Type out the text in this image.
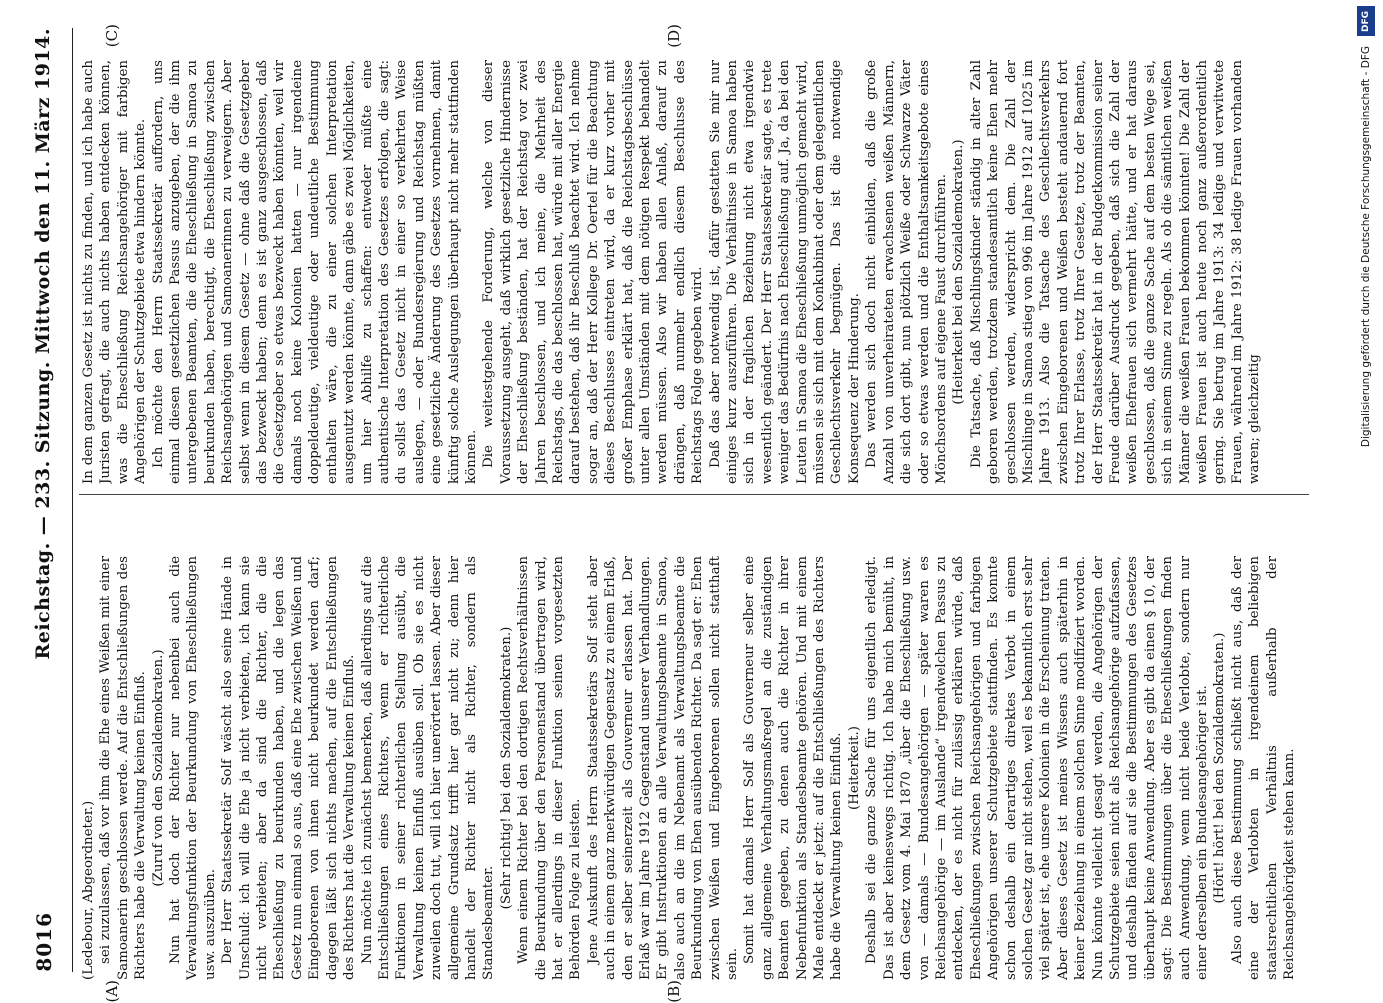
Reichstag. — 233. Sitzung. Mittwoch den 11. März 1914.
8016
(A)	(B)
(C)	(D)

(Ledebour, Abgeordneter.) sei zuzulassen, daß vor ihm die Ehe eines Weißen mit einer Samoanerin geschlossen werde. Auf die Entschließungen des Richters habe die Verwaltung keinen Einfluß. (Zuruf von den Sozialdemokraten.) Nun hat doch der Richter nur nebenbei auch die Verwaltungsfunktion der Beurkundung von Eheschließungen usw. auszuüben. Der Herr Staatssekretär Solf wäscht also seine Hände in Unschuld: ich will die Ehe ja nicht verbieten, ich kann sie nicht verbieten; aber da sind die Richter, die die Eheschließung zu beurkunden haben, und die legen das Gesetz nun einmal so aus, daß eine Ehe zwischen Weißen und Eingeborenen von ihnen nicht beurkundet werden darf; dagegen läßt sich nichts machen, auf die Entschließungen des Richters hat die Verwaltung keinen Einfluß. Nun möchte ich zunächst bemerken, daß allerdings auf die Entschließungen eines Richters, wenn er richterliche Funktionen in seiner richterlichen Stellung ausübt, die Verwaltung keinen Einfluß ausüben soll. Ob sie es nicht zuweilen doch tut, will ich hier unerörtert lassen. Aber dieser allgemeine Grundsatz trifft hier gar nicht zu; denn hier handelt der Richter nicht als Richter, sondern als Standesbeamter.

(Sehr richtig! bei den Sozialdemokraten.) Wenn einem Richter bei den dortigen Rechtsverhältnissen die Beurkundung über den Personenstand übertragen wird, hat er allerdings in dieser Funktion seinen vorgesetzten Behörden Folge zu leisten. Jene Auskunft des Herrn Staatssekretärs Solf steht aber auch in einem ganz merkwürdigen Gegensatz zu einem Erlaß, den er selber seinerzeit als Gouverneur erlassen hat. Der Erlaß war im Jahre 1912 Gegenstand unserer Verhandlungen. Er gibt Instruktionen an alle Verwaltungsbeamte in Samoa, also auch an die im Nebenamt als Verwaltungsbeamte die Beurkundung von Ehen ausübenden Richter. Da sagt er: Ehen zwischen Weißen und Eingeborenen sollen nicht statthaft sein.

Somit hat damals Herr Solf als Gouverneur selber eine ganz allgemeine Verhaltungsmaßregel an die zuständigen Beamten gegeben, zu denen auch die Richter in ihrer Nebenfunktion als Standesbeamte gehören. Und mit einem Male entdeckt er jetzt: auf die Entschließungen des Richters habe die Verwaltung keinen Einfluß. (Heiterkeit.) Deshalb sei die ganze Sache für uns eigentlich erledigt. Das ist aber keineswegs richtig. Ich habe mich bemüht, in dem Gesetz vom 4. Mai 1870 „über die Eheschließung usw. von — damals — Bundesangehörigen — später waren es Reichsangehörige — im Auslande“ irgendwelchen Passus zu entdecken, der es nicht für zulässig erklären würde, daß Eheschließungen zwischen Reichsangehörigen und farbigen Angehörigen unserer Schutzgebiete stattfinden. Es konnte schon deshalb ein derartiges direktes Verbot in einem solchen Gesetz gar nicht stehen, weil es bekanntlich erst sehr viel später ist, ehe unsere Kolonien in die Erscheinung traten. Aber dieses Gesetz ist meines Wissens auch späterhin in keiner Beziehung in einem solchen Sinne modifiziert worden. Nun könnte vielleicht gesagt werden, die Angehörigen der Schutzgebiete seien nicht als Reichsangehörige aufzufassen, und deshalb fänden auf sie die Bestimmungen des Gesetzes überhaupt keine Anwendung. Aber es gibt da einen § 10, der sagt: Die Bestimmungen über die Eheschließungen finden auch Anwendung, wenn nicht beide Verlobte, sondern nur einer derselben ein Bundesangehöriger ist. (Hört! hört! bei den Sozialdemokraten.) Also auch diese Bestimmung schließt nicht aus, daß der eine der Verlobten in irgendeinem beliebigen staatsrechtlichen Verhältnis außerhalb der Reichsangehörigkeit stehen kann.

In dem ganzen Gesetz ist nichts zu finden, und ich habe auch Juristen gefragt, die auch nichts haben entdecken können, was die Eheschließung Reichsangehöriger mit farbigen Angehörigen der Schutzgebiete etwa hindern könnte. Ich möchte den Herrn Staatssekretär auffordern, uns einmal diesen gesetzlichen Passus anzugeben, der die ihm untergebenen Beamten, die die Eheschließung in Samoa zu beurkunden haben, berechtigt, die Eheschließung zwischen Reichsangehörigen und Samoanerinnen zu verweigern. Aber selbst wenn in diesem Gesetz — ohne daß die Gesetzgeber das bezweckt haben; denn es ist ganz ausgeschlossen, daß die Gesetzgeber so etwas bezweckt haben könnten, weil wir damals noch keine Kolonien hatten — nur irgendeine doppeldeutige, vieldeutige oder undeutliche Bestimmung enthalten wäre, die zu einer solchen Interpretation ausgenutzt werden könnte, dann gäbe es zwei Möglichkeiten, um hier Abhilfe zu schaffen: entweder müßte eine authentische Interpretation des Gesetzes erfolgen, die sagt: du sollst das Gesetz nicht in einer so verkehrten Weise auslegen, — oder Bundesregierung und Reichstag müßten eine gesetzliche Änderung des Gesetzes vornehmen, damit künftig solche Auslegungen überhaupt nicht mehr stattfinden können. Die weitestgehende Forderung, welche von dieser Voraussetzung ausgeht, daß wirklich gesetzliche Hindernisse der Eheschließung beständen, hat der Reichstag vor zwei Jahren beschlossen, und ich meine, die Mehrheit des Reichstags, die das beschlossen hat, würde mit aller Energie darauf bestehen, daß ihr Beschluß beachtet wird. Ich nehme sogar an, daß der Herr Kollege Dr. Oertel für die Beachtung dieses Beschlusses eintreten wird, da er kurz vorher mit großer Emphase erklärt hat, daß die Reichstagsbeschlüsse unter allen Umständen mit dem nötigen Respekt behandelt werden müssen. Also wir haben allen Anlaß, darauf zu drängen, daß nunmehr endlich diesem Beschlusse des Reichstags Folge gegeben wird. Daß das aber notwendig ist, dafür gestatten Sie mir nur einiges kurz auszuführen. Die Verhältnisse in Samoa haben sich in der fraglichen Beziehung nicht etwa irgendwie wesentlich geändert. Der Herr Staatssekretär sagte, es trete weniger das Bedürfnis nach Eheschließung auf. Ja, da bei den Leuten in Samoa die Eheschließung unmöglich gemacht wird, müssen sie sich mit dem Konkubinat oder dem gelegentlichen Geschlechtsverkehr begnügen. Das ist die notwendige Konsequenz der Hinderung. Das werden sich doch nicht einbilden, daß die große Anzahl von unverheirateten erwachsenen weißen Männern, die sich dort gibt, nun plötzlich Weiße oder Schwarze Väter oder so etwas werden und die Enthaltsamkeitsgebote eines Mönchsordens auf eigene Faust durchführen. (Heiterkeit bei den Sozialdemokraten.) Die Tatsache, daß Mischlingskinder ständig in alter Zahl geboren werden, trotzdem standesamtlich keine Ehen mehr geschlossen werden, widerspricht dem. Die Zahl der Mischlinge in Samoa stieg von 996 im Jahre 1912 auf 1025 im Jahre 1913. Also die Tatsache des Geschlechtsverkehrs zwischen Eingeborenen und Weißen besteht andauernd fort trotz Ihrer Erlasse, trotz Ihrer Gesetze, trotz der Beamten, der Herr Staatssekretär hat in der Budgetkommission seiner Freude darüber Ausdruck gegeben, daß sich die Zahl der weißen Ehefrauen sich vermehrt hätte, und er hat daraus geschlossen, daß die ganze Sache auf dem besten Wege sei, sich in seinem Sinne zu regeln. Als ob die sämtlichen weißen Männer die weißen Frauen bekommen könnten! Die Zahl der weißen Frauen ist auch heute noch ganz außerordentlich gering. Sie betrug im Jahre 1913: 34 ledige und verwitwete Frauen, während im Jahre 1912: 38 ledige Frauen vorhanden waren; gleichzeitig

DFG
Digitalisierung gefördert durch die Deutsche Forschungsgemeinschaft - DFG
